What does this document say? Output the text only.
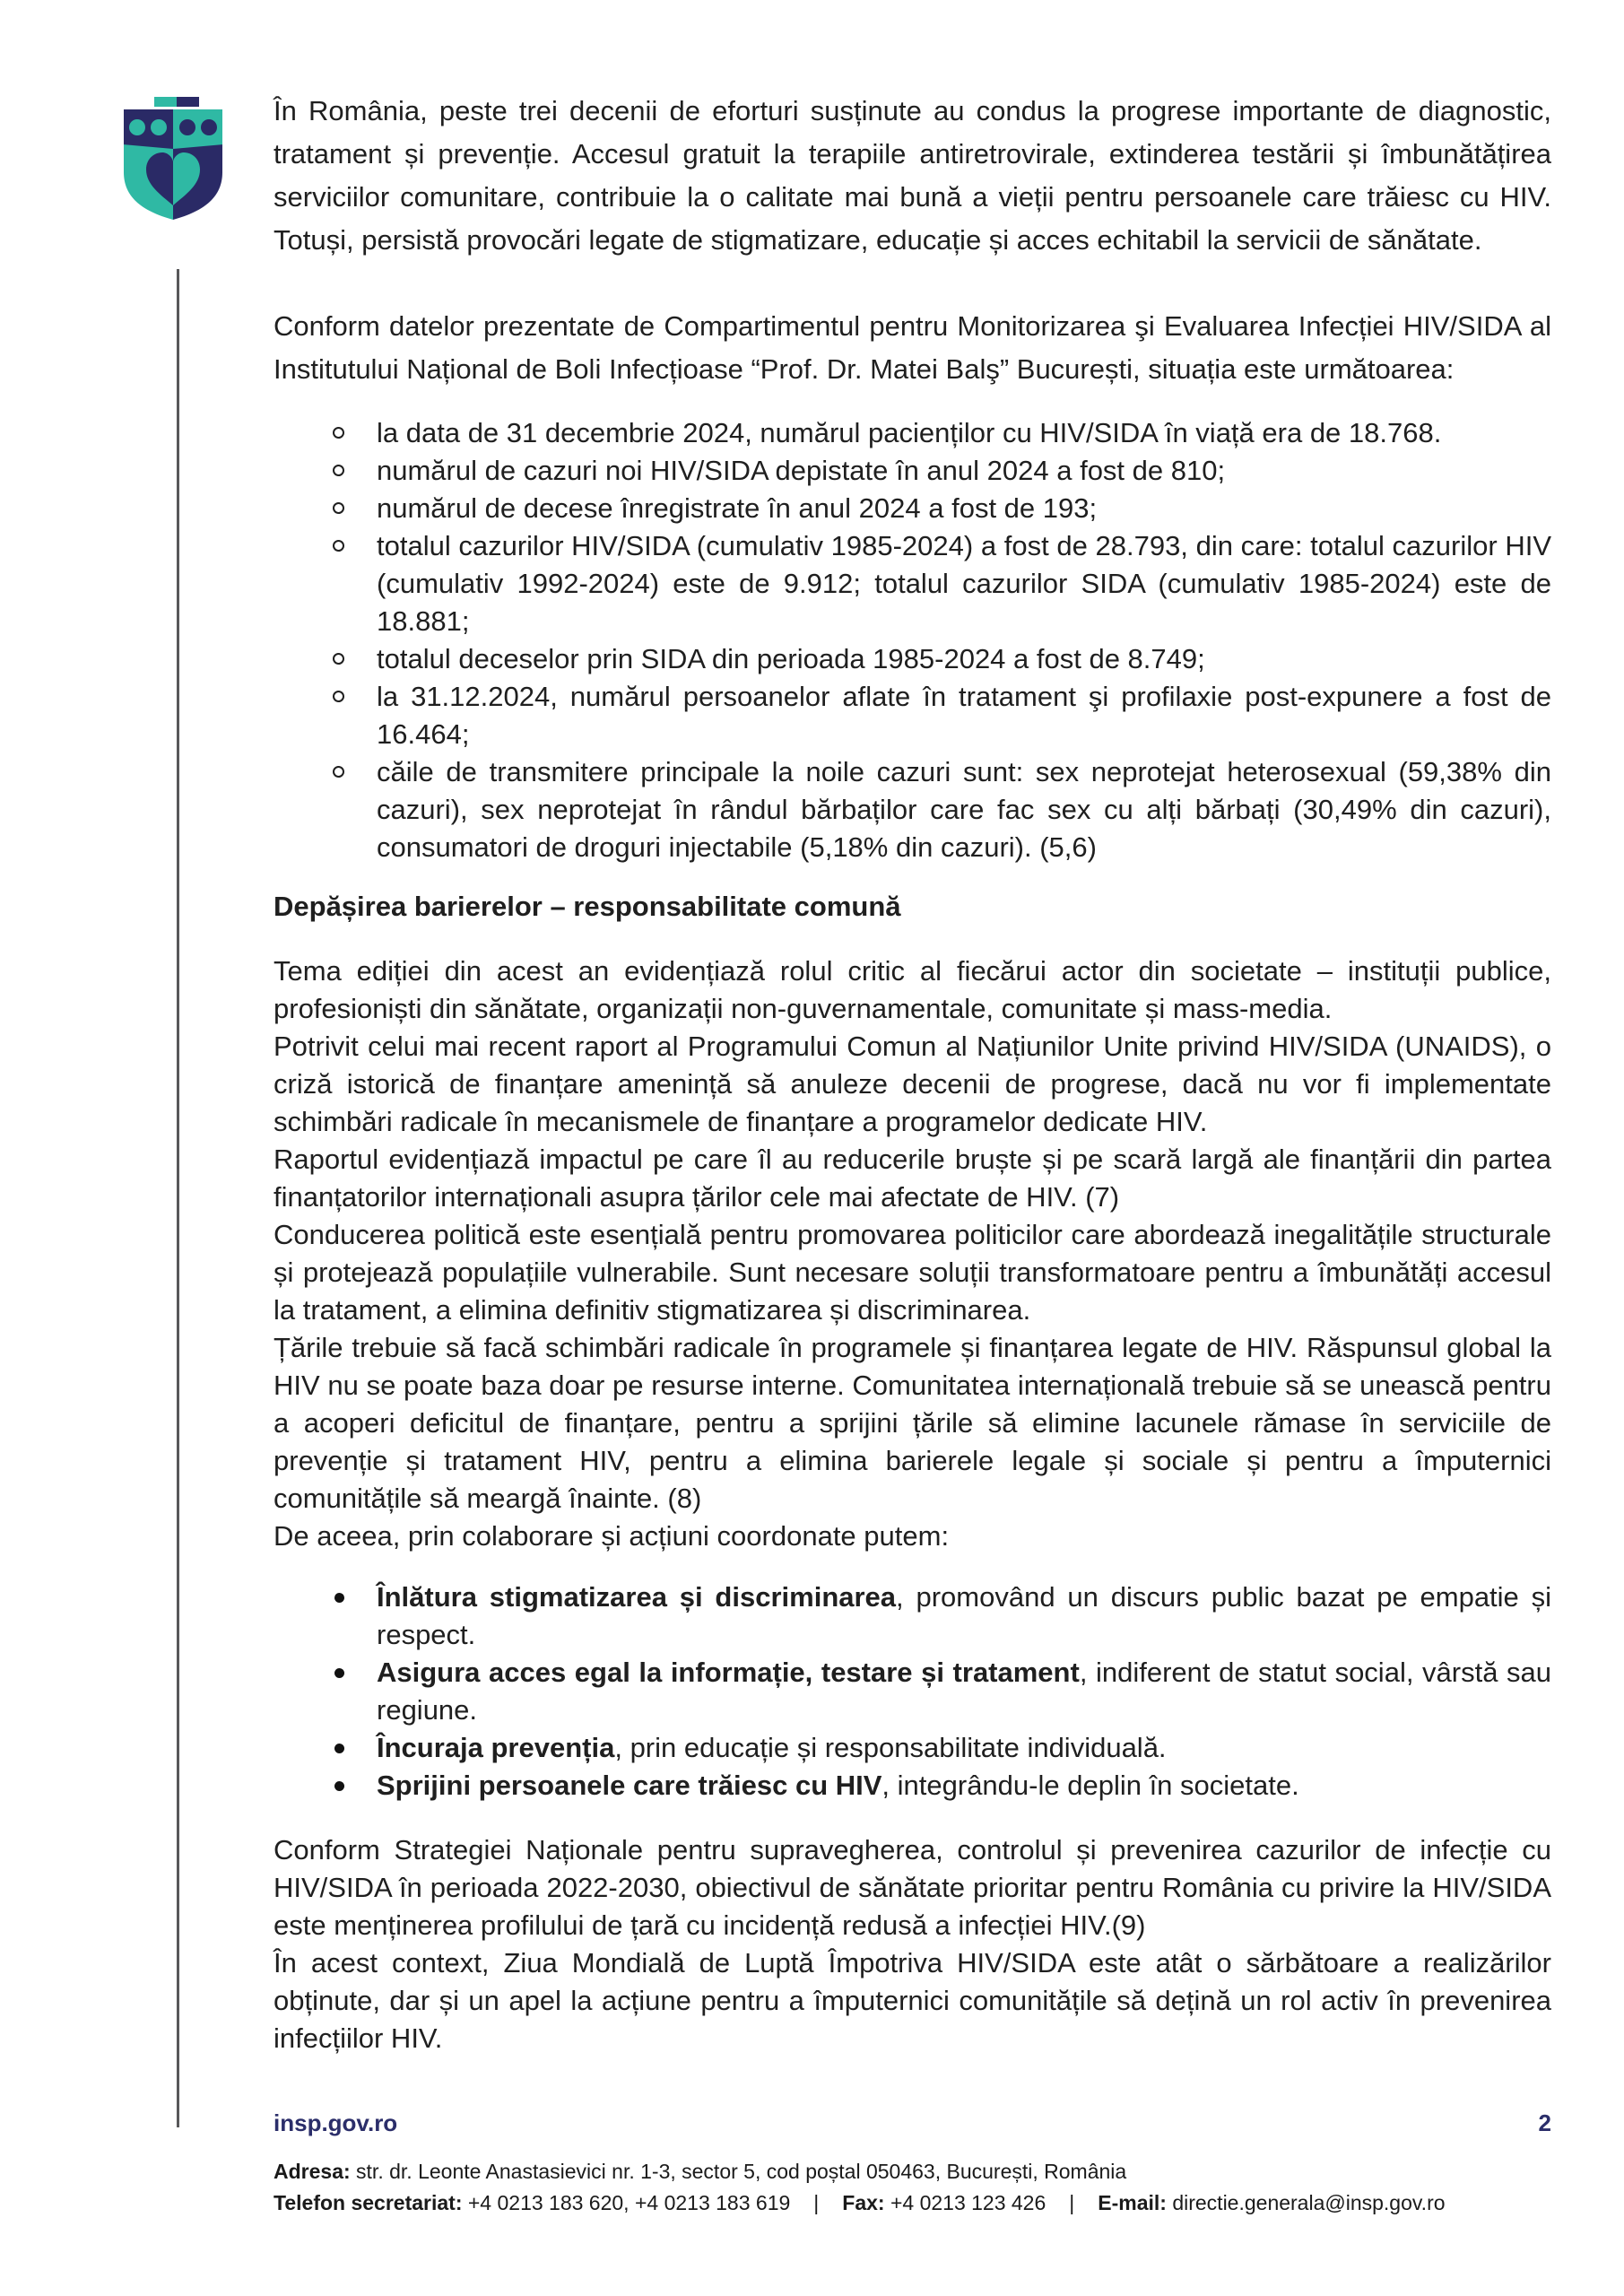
În România, peste trei decenii de eforturi susținute au condus la progrese importante de diagnostic, tratament și prevenție. Accesul gratuit la terapiile antiretrovirale, extinderea testării și îmbunătățirea serviciilor comunitare, contribuie la o calitate mai bună a vieții pentru persoanele care trăiesc cu HIV. Totuși, persistă provocări legate de stigmatizare, educație și acces echitabil la servicii de sănătate.

Conform datelor prezentate de Compartimentul pentru Monitorizarea şi Evaluarea Infecției HIV/SIDA al Institutului Național de Boli Infecțioase “Prof. Dr. Matei Balş” București, situația este următoarea:

la data de 31 decembrie 2024, numărul pacienților cu HIV/SIDA în viață era de 18.768.
numărul de cazuri noi HIV/SIDA depistate în anul 2024 a fost de 810;
numărul de decese înregistrate în anul 2024 a fost de 193;
totalul cazurilor HIV/SIDA (cumulativ 1985-2024) a fost de 28.793, din care: totalul cazurilor HIV (cumulativ 1992-2024) este de 9.912; totalul cazurilor SIDA (cumulativ 1985-2024) este de 18.881;
totalul deceselor prin SIDA din perioada 1985-2024 a fost de 8.749;
la 31.12.2024, numărul persoanelor aflate în tratament şi profilaxie post-expunere a fost de 16.464;
căile de transmitere principale la noile cazuri sunt: sex neprotejat heterosexual (59,38% din cazuri), sex neprotejat în rândul bărbaților care fac sex cu alți bărbați (30,49% din cazuri), consumatori de droguri injectabile (5,18% din cazuri). (5,6)
Depășirea barierelor – responsabilitate comună

Tema ediției din acest an evidențiază rolul critic al fiecărui actor din societate – instituții publice, profesioniști din sănătate, organizații non-guvernamentale, comunitate și mass-media.

Potrivit celui mai recent raport al Programului Comun al Națiunilor Unite privind HIV/SIDA (UNAIDS), o criză istorică de finanțare amenință să anuleze decenii de progrese, dacă nu vor fi implementate schimbări radicale în mecanismele de finanțare a programelor dedicate HIV.

Raportul evidențiază impactul pe care îl au reducerile bruște și pe scară largă ale finanțării din partea finanțatorilor internaționali asupra țărilor cele mai afectate de HIV. (7)

Conducerea politică este esențială pentru promovarea politicilor care abordează inegalitățile structurale și protejează populațiile vulnerabile. Sunt necesare soluții transformatoare pentru a îmbunătăți accesul la tratament, a elimina definitiv stigmatizarea și discriminarea.

Țările trebuie să facă schimbări radicale în programele și finanțarea legate de HIV. Răspunsul global la HIV nu se poate baza doar pe resurse interne. Comunitatea internațională trebuie să se unească pentru a acoperi deficitul de finanțare, pentru a sprijini țările să elimine lacunele rămase în serviciile de prevenție și tratament HIV, pentru a elimina barierele legale și sociale și pentru a împuternici comunitățile să meargă înainte. (8)

De aceea, prin colaborare și acțiuni coordonate putem:

Înlătura stigmatizarea și discriminarea, promovând un discurs public bazat pe empatie și respect.
Asigura acces egal la informație, testare și tratament, indiferent de statut social, vârstă sau regiune.
Încuraja prevenția, prin educație și responsabilitate individuală.
Sprijini persoanele care trăiesc cu HIV, integrându-le deplin în societate.

Conform Strategiei Naționale pentru supravegherea, controlul și prevenirea cazurilor de infecție cu HIV/SIDA în perioada 2022-2030, obiectivul de sănătate prioritar pentru România cu privire la HIV/SIDA este menținerea profilului de țară cu incidență redusă a infecției HIV.(9)

În acest context, Ziua Mondială de Luptă Împotriva HIV/SIDA este atât o sărbătoare a realizărilor obținute, dar și un apel la acțiune pentru a împuternici comunitățile să dețină un rol activ în prevenirea infecțiilor HIV.

insp.gov.ro	2
Adresa: str. dr. Leonte Anastasievici nr. 1-3, sector 5, cod poștal 050463, București, România
Telefon secretariat: +4 0213 183 620, +4 0213 183 619 | Fax: +4 0213 123 426 | E-mail: directie.generala@insp.gov.ro
